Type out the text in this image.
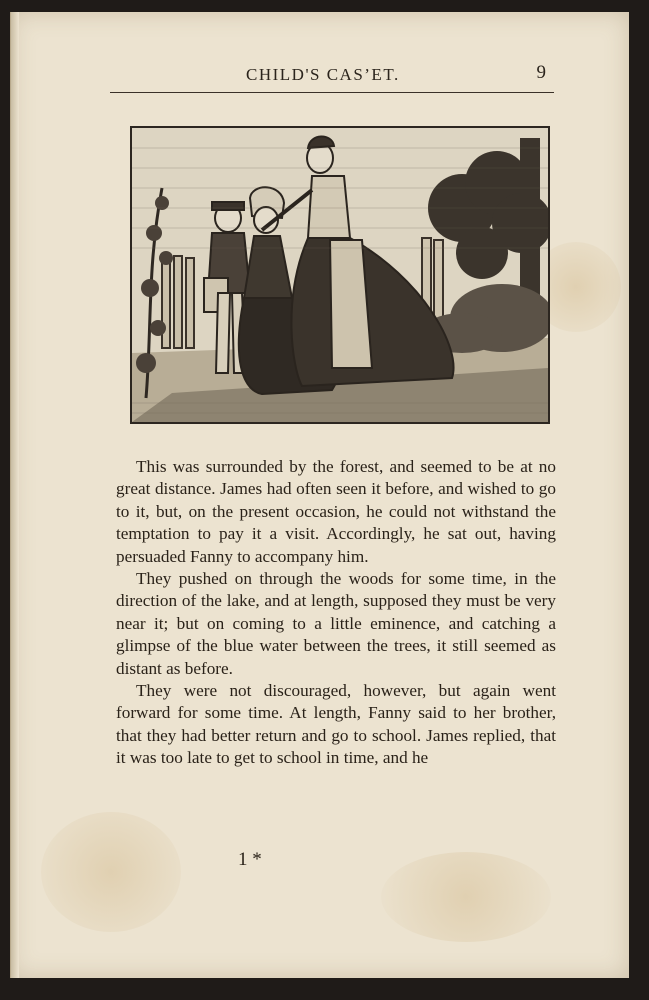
CHILD'S CAS’ET.	9

This was surrounded by the forest, and seemed to be at no great distance. James had often seen it before, and wished to go to it, but, on the present occasion, he could not withstand the temptation to pay it a visit. Accordingly, he sat out, having persuaded Fanny to accompany him.

They pushed on through the woods for some time, in the direction of the lake, and at length, supposed they must be very near it; but on coming to a little eminence, and catching a glimpse of the blue water between the trees, it still seemed as distant as before.

They were not discouraged, however, but again went forward for some time. At length, Fanny said to her brother, that they had better return and go to school. James replied, that it was too late to get to school in time, and he

1 *
